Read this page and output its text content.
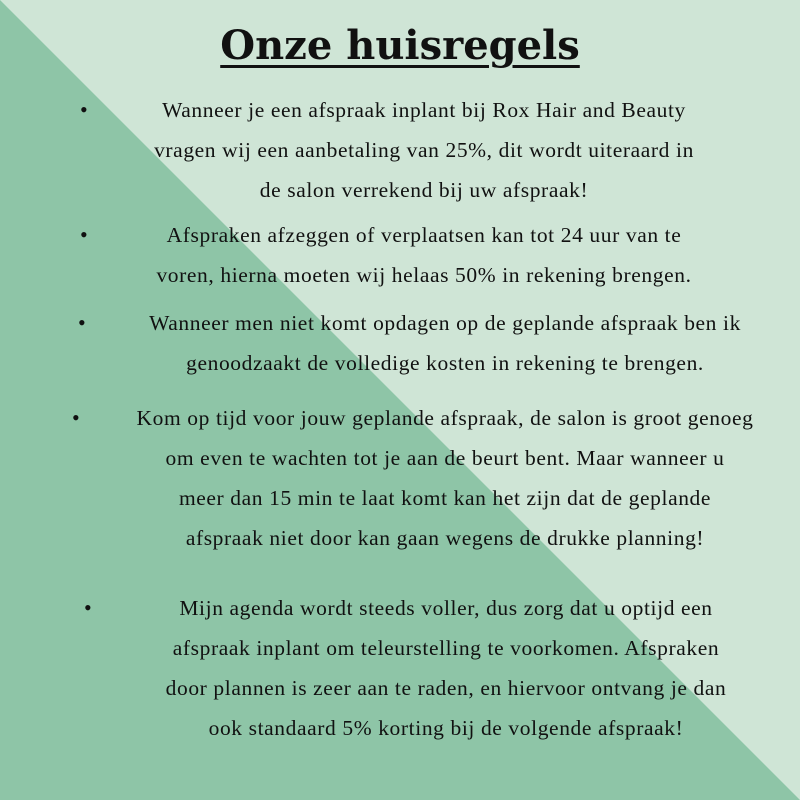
Onze huisregels
•	Wanneer je een afspraak inplant bij Rox Hair and Beauty
vragen wij een aanbetaling van 25%, dit wordt uiteraard in
de salon verrekend bij uw afspraak!
•	Afspraken afzeggen of verplaatsen kan tot 24 uur van te
voren, hierna moeten wij helaas 50% in rekening brengen.
•	Wanneer men niet komt opdagen op de geplande afspraak ben ik
genoodzaakt de volledige kosten in rekening te brengen.
•	Kom op tijd voor jouw geplande afspraak, de salon is groot genoeg
om even te wachten tot je aan de beurt bent. Maar wanneer u
meer dan 15 min te laat komt kan het zijn dat de geplande
afspraak niet door kan gaan wegens de drukke planning!
•	Mijn agenda wordt steeds voller, dus zorg dat u optijd een
afspraak inplant om teleurstelling te voorkomen. Afspraken
door plannen is zeer aan te raden, en hiervoor ontvang je dan
ook standaard 5% korting bij de volgende afspraak!
